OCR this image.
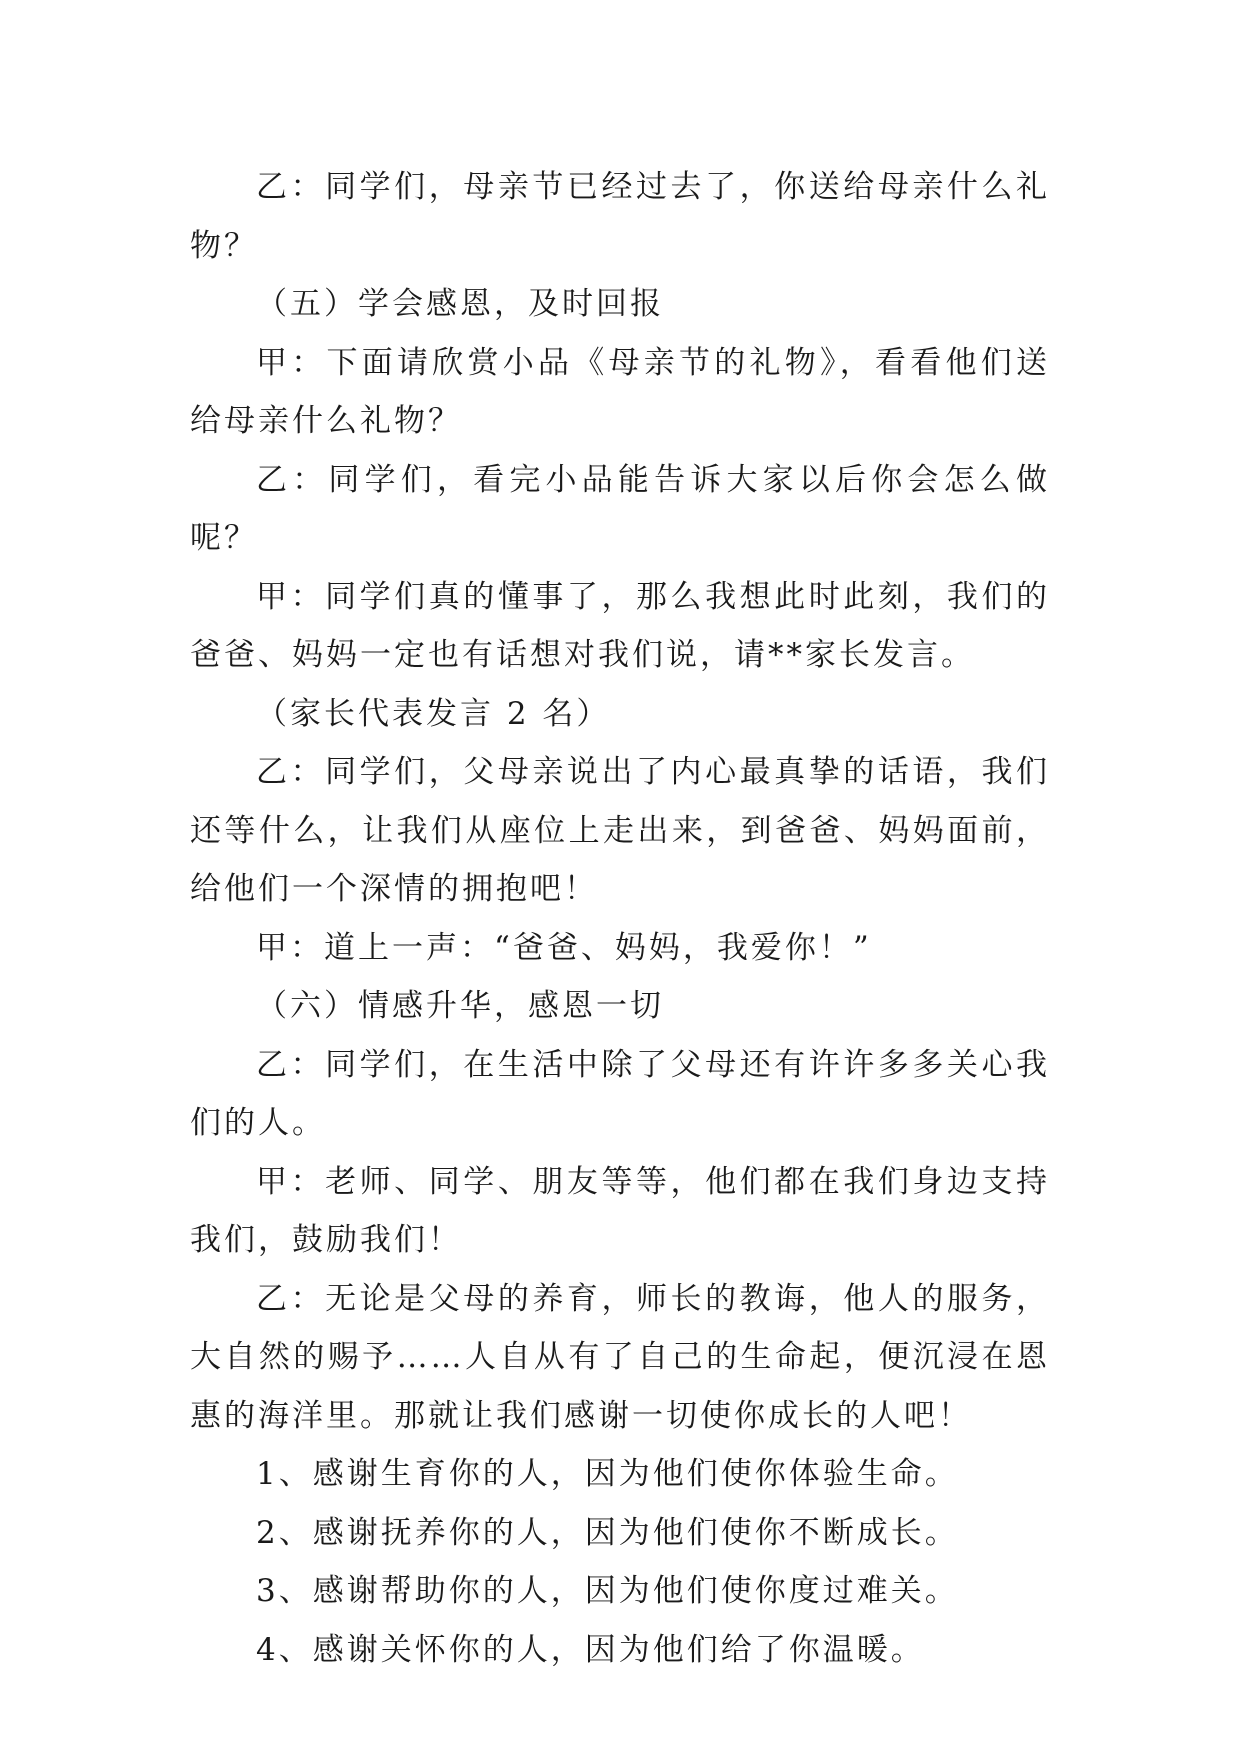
乙：同学们，母亲节已经过去了，你送给母亲什么礼物？

（五）学会感恩，及时回报

甲：下面请欣赏小品《母亲节的礼物》，看看他们送给母亲什么礼物？

乙：同学们，看完小品能告诉大家以后你会怎么做呢？

甲：同学们真的懂事了，那么我想此时此刻，我们的爸爸、妈妈一定也有话想对我们说，请**家长发言。

（家长代表发言 2 名）

乙：同学们，父母亲说出了内心最真挚的话语，我们还等什么，让我们从座位上走出来，到爸爸、妈妈面前，给他们一个深情的拥抱吧！

甲：道上一声：“爸爸、妈妈，我爱你！”

（六）情感升华，感恩一切

乙：同学们，在生活中除了父母还有许许多多关心我们的人。

甲：老师、同学、朋友等等，他们都在我们身边支持我们，鼓励我们！

乙：无论是父母的养育，师长的教诲，他人的服务，大自然的赐予……人自从有了自己的生命起，便沉浸在恩惠的海洋里。那就让我们感谢一切使你成长的人吧！

1、感谢生育你的人，因为他们使你体验生命。

2、感谢抚养你的人，因为他们使你不断成长。

3、感谢帮助你的人，因为他们使你度过难关。

4、感谢关怀你的人，因为他们给了你温暖。
